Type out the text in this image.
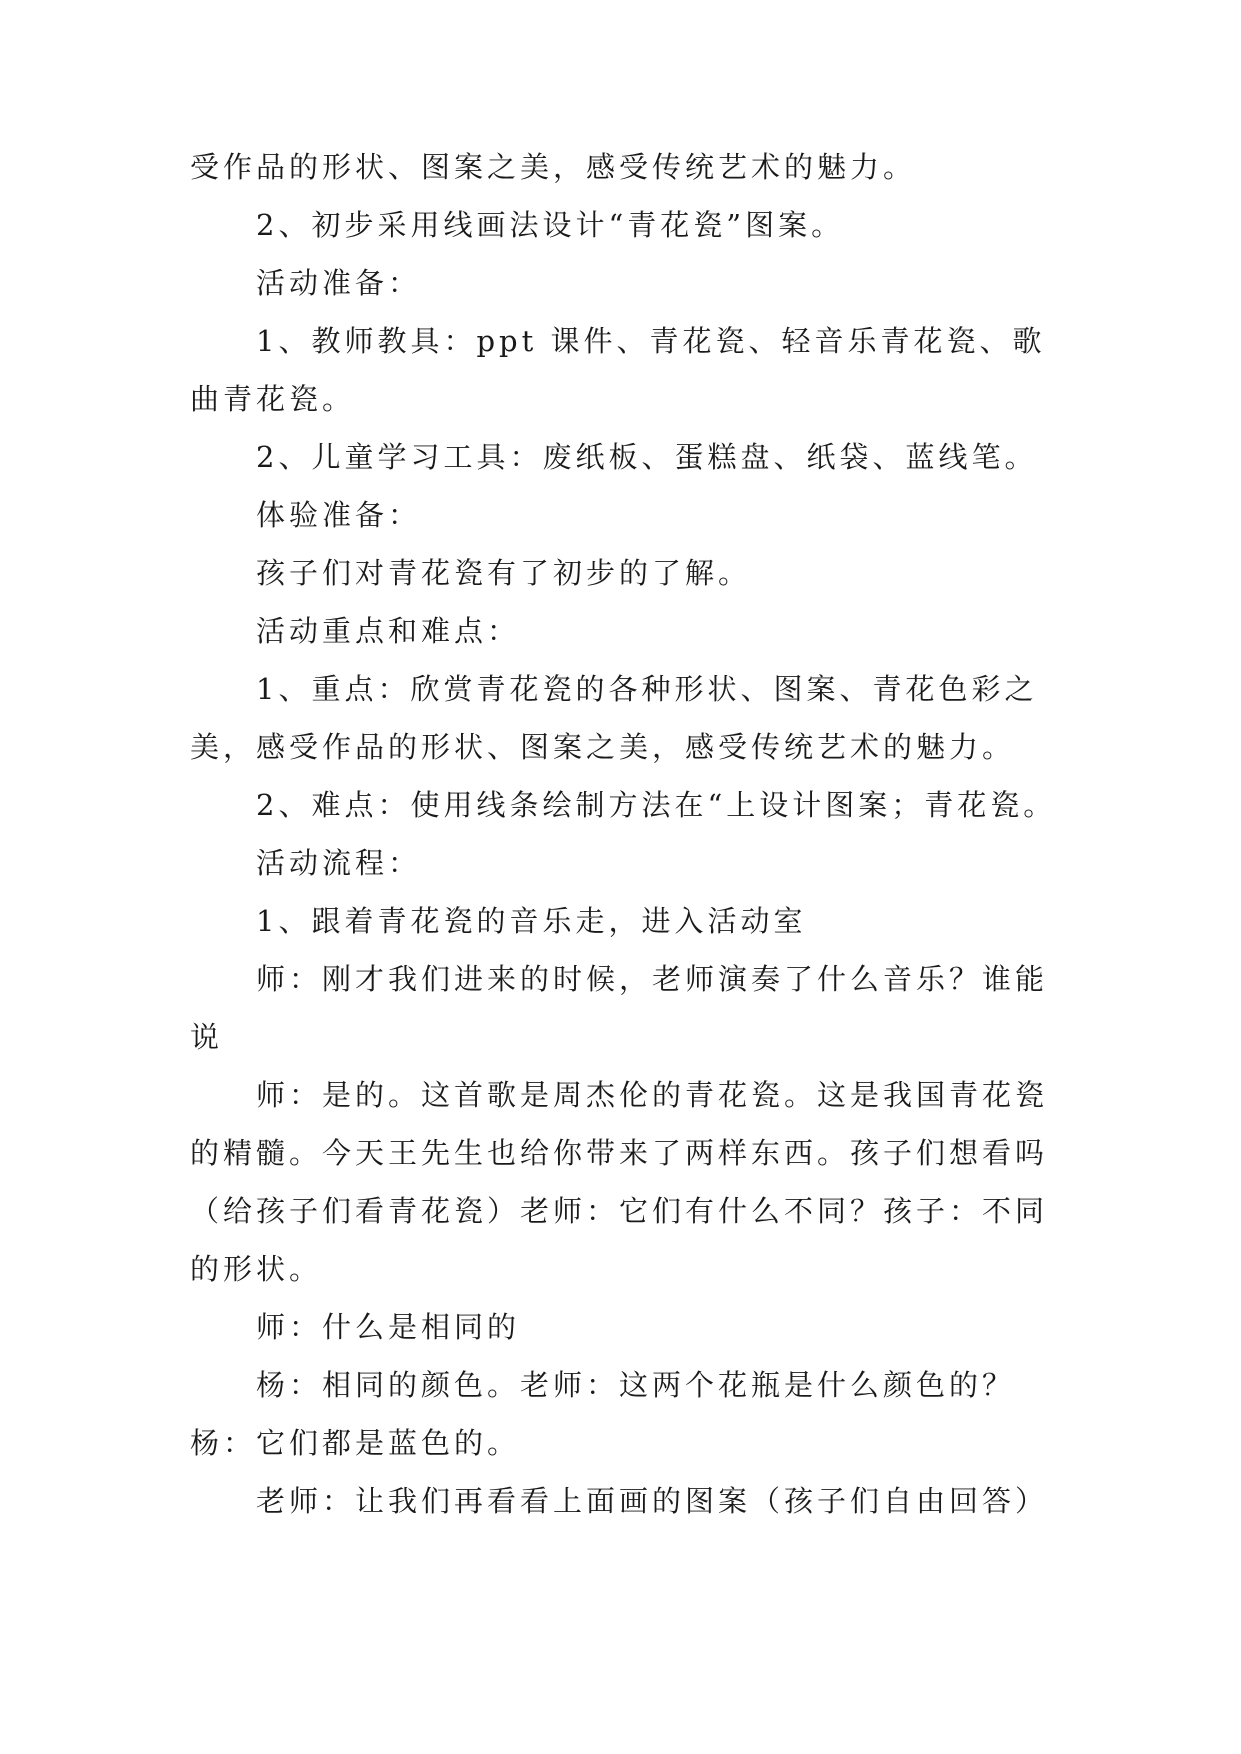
受作品的形状、图案之美，感受传统艺术的魅力。

2、初步采用线画法设计“青花瓷”图案。

活动准备：

1、教师教具：ppt 课件、青花瓷、轻音乐青花瓷、歌曲青花瓷。

2、儿童学习工具：废纸板、蛋糕盘、纸袋、蓝线笔。

体验准备：

孩子们对青花瓷有了初步的了解。

活动重点和难点：

1、重点：欣赏青花瓷的各种形状、图案、青花色彩之美，感受作品的形状、图案之美，感受传统艺术的魅力。

2、难点：使用线条绘制方法在“上设计图案；青花瓷。

活动流程：

1、跟着青花瓷的音乐走，进入活动室

师：刚才我们进来的时候，老师演奏了什么音乐？谁能说

师：是的。这首歌是周杰伦的青花瓷。这是我国青花瓷的精髓。今天王先生也给你带来了两样东西。孩子们想看吗（给孩子们看青花瓷）老师：它们有什么不同？孩子：不同的形状。

师：什么是相同的

杨：相同的颜色。老师：这两个花瓶是什么颜色的？杨：它们都是蓝色的。

老师：让我们再看看上面画的图案（孩子们自由回答）
